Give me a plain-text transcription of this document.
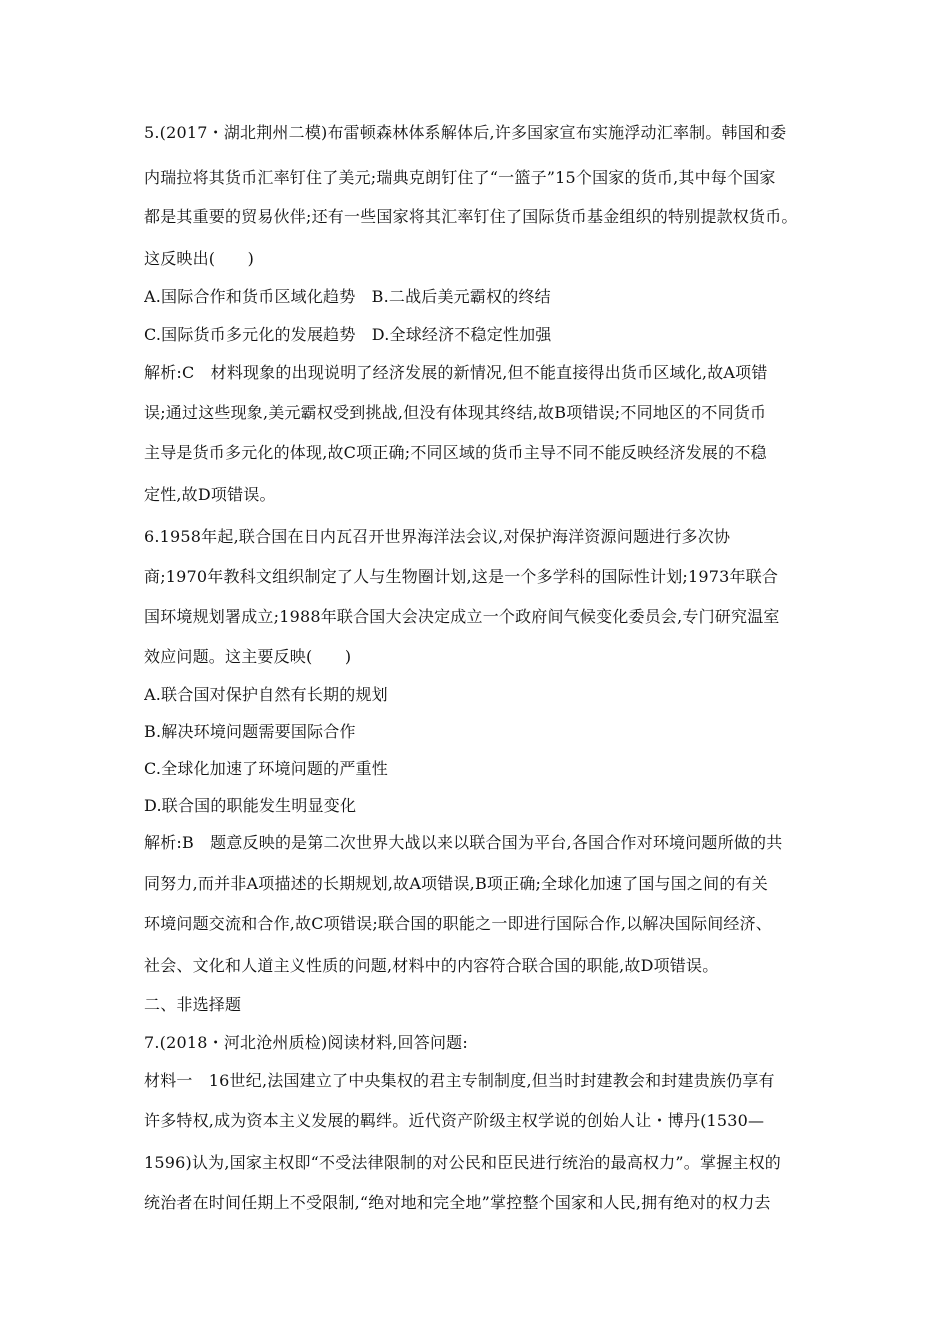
5.(2017・湖北荆州二模)布雷顿森林体系解体后,许多国家宣布实施浮动汇率制。韩国和委
内瑞拉将其货币汇率钉住了美元;瑞典克朗钉住了“一篮子”15个国家的货币,其中每个国家
都是其重要的贸易伙伴;还有一些国家将其汇率钉住了国际货币基金组织的特别提款权货币。
这反映出(　　)
A.国际合作和货币区域化趋势　B.二战后美元霸权的终结
C.国际货币多元化的发展趋势　D.全球经济不稳定性加强
解析:C　材料现象的出现说明了经济发展的新情况,但不能直接得出货币区域化,故A项错
误;通过这些现象,美元霸权受到挑战,但没有体现其终结,故B项错误;不同地区的不同货币
主导是货币多元化的体现,故C项正确;不同区域的货币主导不同不能反映经济发展的不稳
定性,故D项错误。
6.1958年起,联合国在日内瓦召开世界海洋法会议,对保护海洋资源问题进行多次协
商;1970年教科文组织制定了人与生物圈计划,这是一个多学科的国际性计划;1973年联合
国环境规划署成立;1988年联合国大会决定成立一个政府间气候变化委员会,专门研究温室
效应问题。这主要反映(　　)
A.联合国对保护自然有长期的规划
B.解决环境问题需要国际合作
C.全球化加速了环境问题的严重性
D.联合国的职能发生明显变化
解析:B　题意反映的是第二次世界大战以来以联合国为平台,各国合作对环境问题所做的共
同努力,而并非A项描述的长期规划,故A项错误,B项正确;全球化加速了国与国之间的有关
环境问题交流和合作,故C项错误;联合国的职能之一即进行国际合作,以解决国际间经济、
社会、文化和人道主义性质的问题,材料中的内容符合联合国的职能,故D项错误。
二、非选择题
7.(2018・河北沧州质检)阅读材料,回答问题:
材料一　16世纪,法国建立了中央集权的君主专制制度,但当时封建教会和封建贵族仍享有
许多特权,成为资本主义发展的羁绊。近代资产阶级主权学说的创始人让・博丹(1530—
1596)认为,国家主权即“不受法律限制的对公民和臣民进行统治的最高权力”。掌握主权的
统治者在时间任期上不受限制,“绝对地和完全地”掌控整个国家和人民,拥有绝对的权力去
